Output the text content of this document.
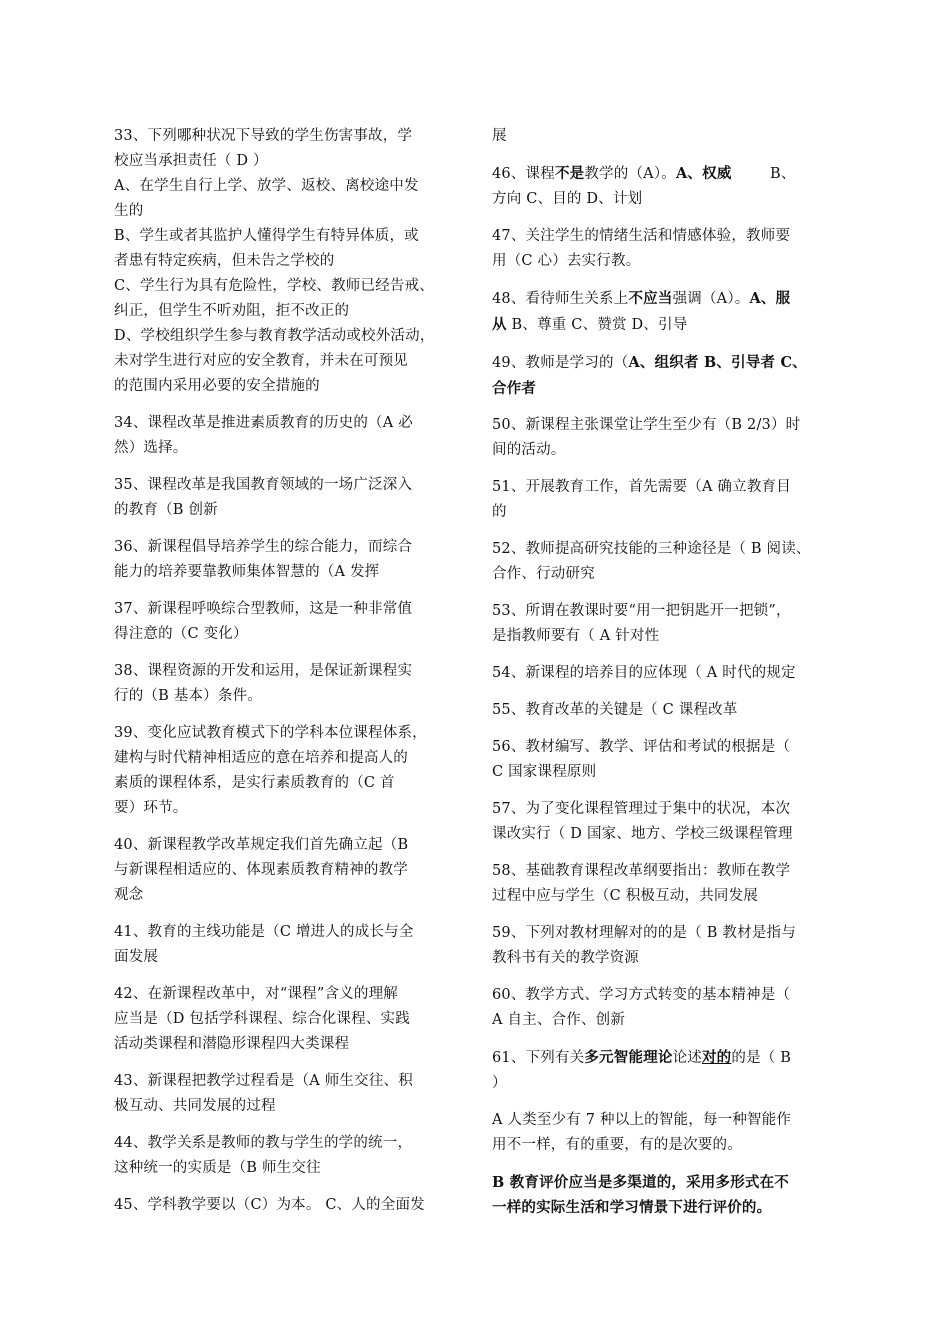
33、下列哪种状况下导致的学生伤害事故，学
校应当承担责任（ D ）
A、在学生自行上学、放学、返校、离校途中发
生的
B、学生或者其监护人懂得学生有特异体质，或
者患有特定疾病，但未告之学校的
C、学生行为具有危险性，学校、教师已经告戒、
纠正，但学生不听劝阻，拒不改正的
D、学校组织学生参与教育教学活动或校外活动，
未对学生进行对应的安全教育，并未在可预见
的范围内采用必要的安全措施的
34、课程改革是推进素质教育的历史的（A 必
然）选择。
35、课程改革是我国教育领域的一场广泛深入
的教育（B 创新
36、新课程倡导培养学生的综合能力，而综合
能力的培养要靠教师集体智慧的（A 发挥
37、新课程呼唤综合型教师，这是一种非常值
得注意的（C 变化）
38、课程资源的开发和运用，是保证新课程实
行的（B 基本）条件。
39、变化应试教育模式下的学科本位课程体系，
建构与时代精神相适应的意在培养和提高人的
素质的课程体系，是实行素质教育的（C 首
要）环节。
40、新课程教学改革规定我们首先确立起（B
与新课程相适应的、体现素质教育精神的教学
观念
41、教育的主线功能是（C 增进人的成长与全
面发展
42、在新课程改革中，对“课程”含义的理解
应当是（D 包括学科课程、综合化课程、实践
活动类课程和潜隐形课程四大类课程
43、新课程把教学过程看是（A 师生交往、积
极互动、共同发展的过程
44、教学关系是教师的教与学生的学的统一，
这种统一的实质是（B 师生交往
45、学科教学要以（C）为本。 C、人的全面发
展
46、课程不是教学的（A）。A、权威        B、
方向 C、目的 D、计划
47、关注学生的情绪生活和情感体验，教师要
用（C 心）去实行教。
48、看待师生关系上不应当强调（A）。A、服
从 B、尊重 C、赞赏 D、引导
49、教师是学习的（A、组织者 B、引导者 C、
合作者
50、新课程主张课堂让学生至少有（B 2/3）时
间的活动。
51、开展教育工作，首先需要（A 确立教育目
的
52、教师提高研究技能的三种途径是（ B 阅读、
合作、行动研究
53、所谓在教课时要“用一把钥匙开一把锁”，
是指教师要有（ A 针对性
54、新课程的培养目的应体现（ A 时代的规定
55、教育改革的关键是（ C 课程改革
56、教材编写、教学、评估和考试的根据是（
C 国家课程原则
57、为了变化课程管理过于集中的状况，本次
课改实行（ D 国家、地方、学校三级课程管理
58、基础教育课程改革纲要指出：教师在教学
过程中应与学生（C 积极互动，共同发展
59、下列对教材理解对的的是（ B 教材是指与
教科书有关的教学资源
60、教学方式、学习方式转变的基本精神是（
A 自主、合作、创新
61、下列有关多元智能理论论述对的的是（ B
）
A 人类至少有 7 种以上的智能，每一种智能作
用不一样，有的重要，有的是次要的。
B 教育评价应当是多渠道的，采用多形式在不
一样的实际生活和学习情景下进行评价的。
